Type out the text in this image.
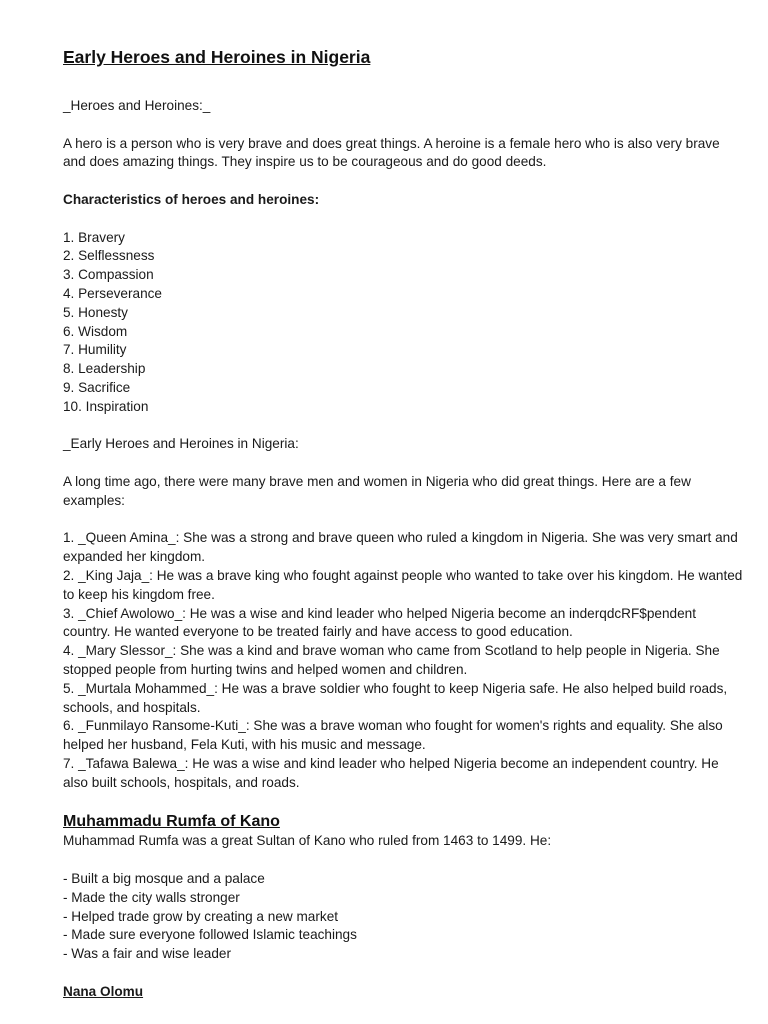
Early Heroes and Heroines in Nigeria

_Heroes and Heroines:_

A hero is a person who is very brave and does great things. A heroine is a female hero who is also very brave and does amazing things. They inspire us to be courageous and do good deeds.

Characteristics of heroes and heroines:

1. Bravery
2. Selflessness
3. Compassion
4. Perseverance
5. Honesty
6. Wisdom
7. Humility
8. Leadership
9. Sacrifice
10. Inspiration

_Early Heroes and Heroines in Nigeria:

A long time ago, there were many brave men and women in Nigeria who did great things. Here are a few examples:

1. _Queen Amina_: She was a strong and brave queen who ruled a kingdom in Nigeria. She was very smart and expanded her kingdom.
2. _King Jaja_: He was a brave king who fought against people who wanted to take over his kingdom. He wanted to keep his kingdom free.
3. _Chief Awolowo_: He was a wise and kind leader who helped Nigeria become an inderqdcRF$pendent country. He wanted everyone to be treated fairly and have access to good education.
4. _Mary Slessor_: She was a kind and brave woman who came from Scotland to help people in Nigeria. She stopped people from hurting twins and helped women and children.
5. _Murtala Mohammed_: He was a brave soldier who fought to keep Nigeria safe. He also helped build roads, schools, and hospitals.
6. _Funmilayo Ransome-Kuti_: She was a brave woman who fought for women's rights and equality. She also helped her husband, Fela Kuti, with his music and message.
7. _Tafawa Balewa_: He was a wise and kind leader who helped Nigeria become an independent country. He also built schools, hospitals, and roads.
Muhammadu Rumfa of Kano

Muhammad Rumfa was a great Sultan of Kano who ruled from 1463 to 1499. He:

- Built a big mosque and a palace
- Made the city walls stronger
- Helped trade grow by creating a new market
- Made sure everyone followed Islamic teachings
- Was a fair and wise leader

Nana Olomu
